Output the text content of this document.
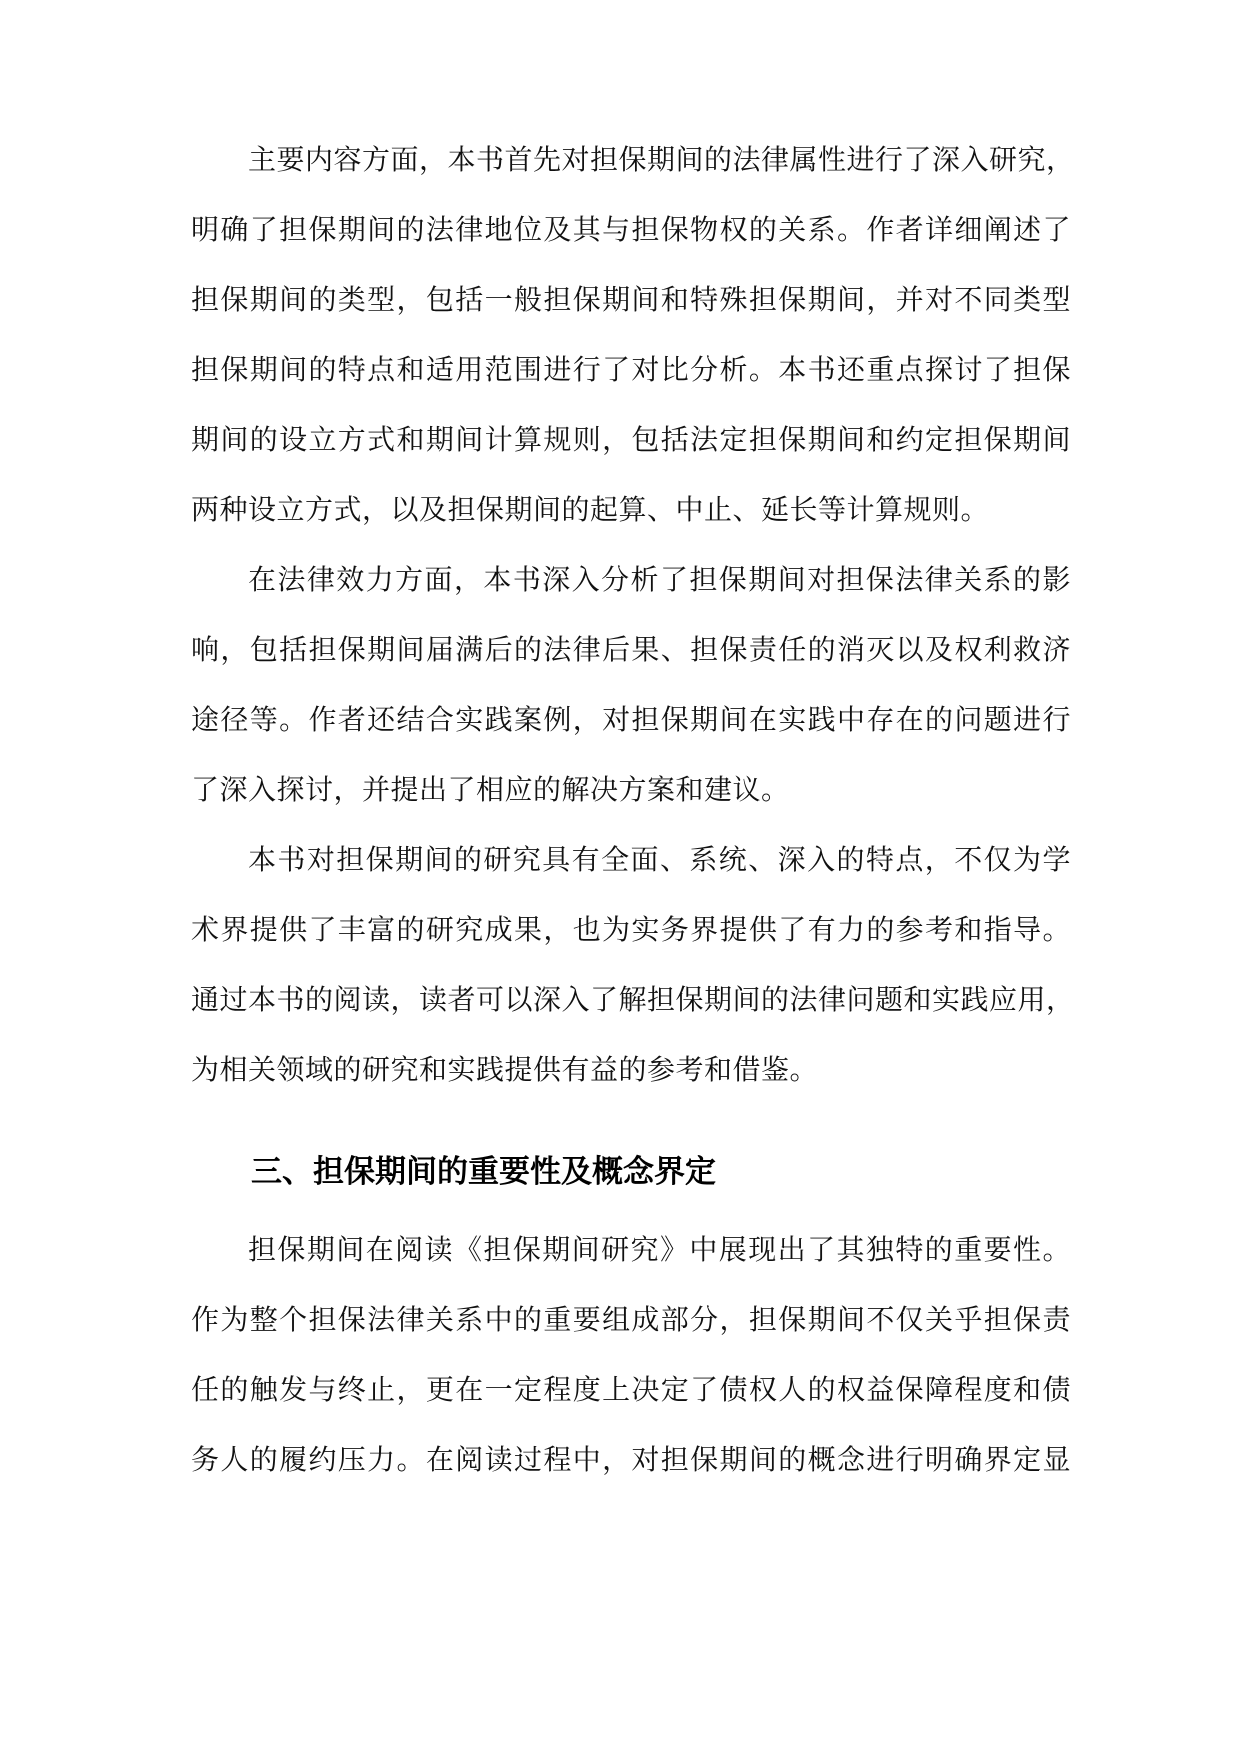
主要内容方面，本书首先对担保期间的法律属性进行了深入研究，
明确了担保期间的法律地位及其与担保物权的关系。作者详细阐述了
担保期间的类型，包括一般担保期间和特殊担保期间，并对不同类型
担保期间的特点和适用范围进行了对比分析。本书还重点探讨了担保
期间的设立方式和期间计算规则，包括法定担保期间和约定担保期间
两种设立方式，以及担保期间的起算、中止、延长等计算规则。
在法律效力方面，本书深入分析了担保期间对担保法律关系的影
响，包括担保期间届满后的法律后果、担保责任的消灭以及权利救济
途径等。作者还结合实践案例，对担保期间在实践中存在的问题进行
了深入探讨，并提出了相应的解决方案和建议。
本书对担保期间的研究具有全面、系统、深入的特点，不仅为学
术界提供了丰富的研究成果，也为实务界提供了有力的参考和指导。
通过本书的阅读，读者可以深入了解担保期间的法律问题和实践应用，
为相关领域的研究和实践提供有益的参考和借鉴。
三、担保期间的重要性及概念界定
担保期间在阅读《担保期间研究》中展现出了其独特的重要性。
作为整个担保法律关系中的重要组成部分，担保期间不仅关乎担保责
任的触发与终止，更在一定程度上决定了债权人的权益保障程度和债
务人的履约压力。在阅读过程中，对担保期间的概念进行明确界定显
